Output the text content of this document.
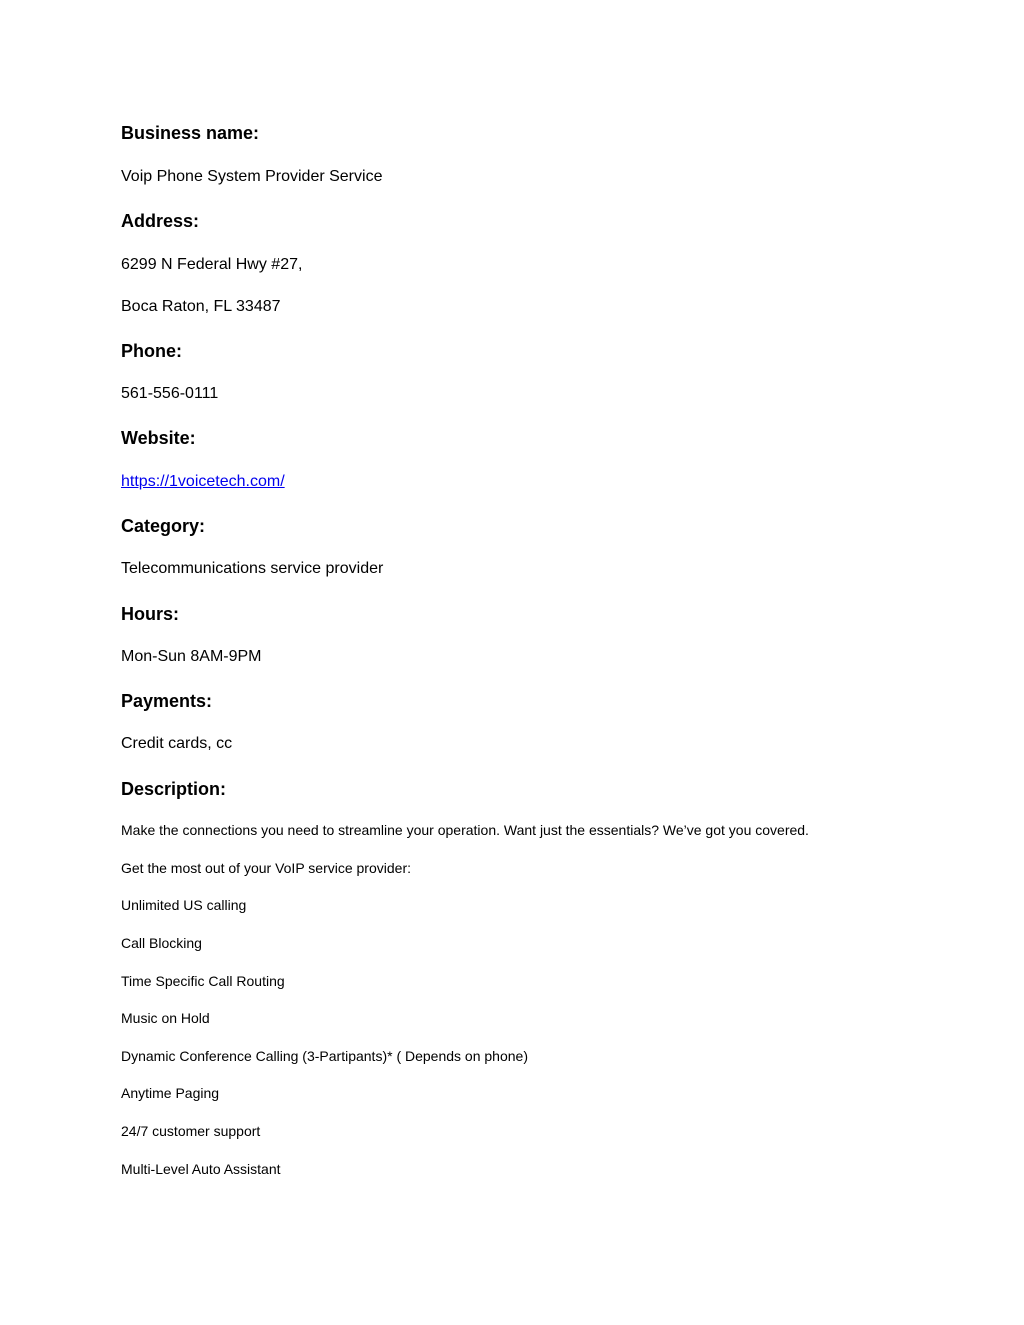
Business name:

Voip Phone System Provider Service

Address:

6299 N Federal Hwy #27,

Boca Raton, FL 33487

Phone:

561-556-0111

Website:

https://1voicetech.com/

Category:

Telecommunications service provider

Hours:

Mon-Sun 8AM-9PM

Payments:

Credit cards, cc

Description:

Make the connections you need to streamline your operation. Want just the essentials? We’ve got you covered.

Get the most out of your VoIP service provider:

Unlimited US calling

Call Blocking

Time Specific Call Routing

Music on Hold

Dynamic Conference Calling (3-Partipants)* ( Depends on phone)

Anytime Paging

24/7 customer support

Multi-Level Auto Assistant
